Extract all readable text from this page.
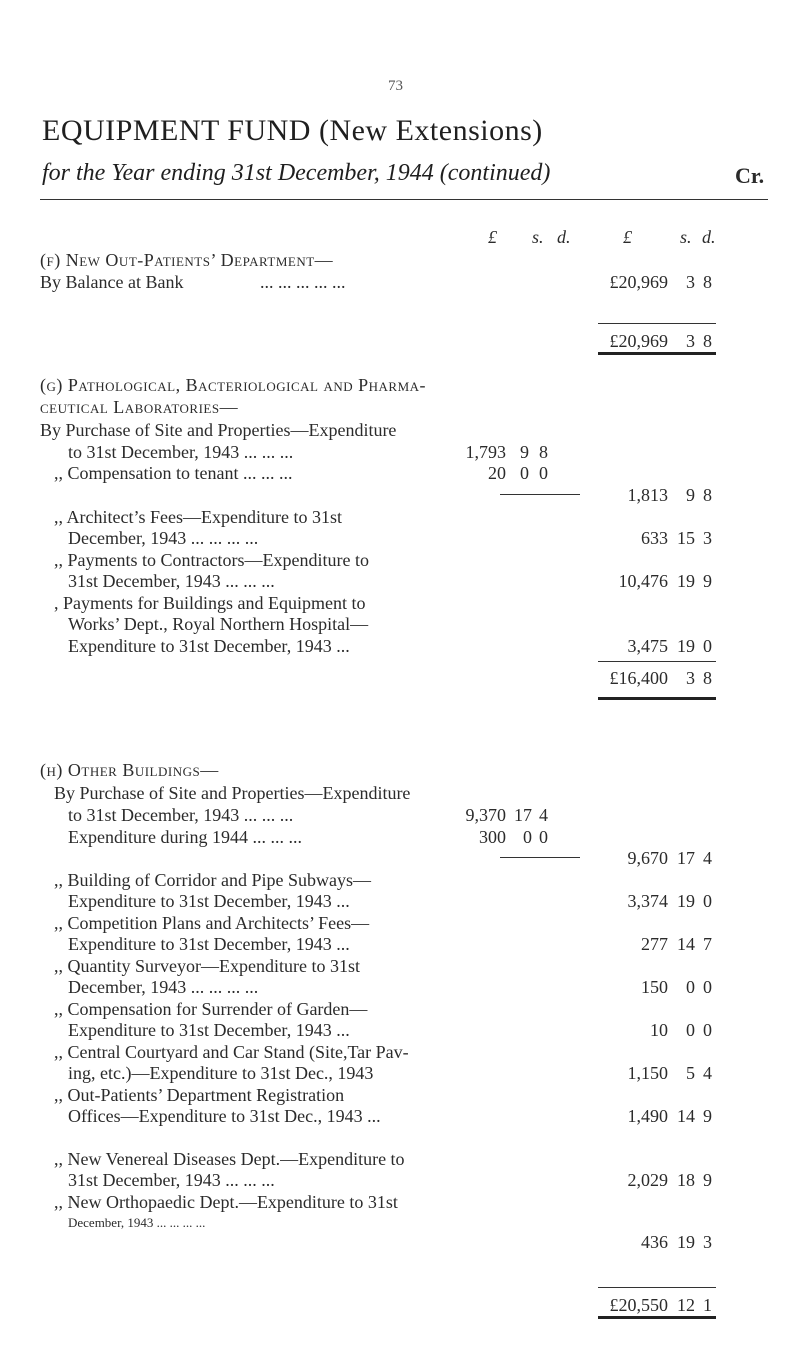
73
EQUIPMENT FUND (New Extensions)
for the Year ending 31st December, 1944 (continued)	Cr.
£ s. d.	£	s. d.
(f) New Out-Patients’ Department—
By Balance at Bank	... ... ... ... ...	£20,969	3 8
£20,969	3 8
(g) Pathological, Bacteriological and Pharma-
ceutical Laboratories—
By Purchase of Site and Properties—Expenditure
to 31st December, 1943 ... ... ...	1,793 9 8
,, Compensation to tenant ... ... ...	20 0 0
1,813	9 8
,, Architect’s Fees—Expenditure to 31st
December, 1943 ... ... ... ...	633 15 3
,, Payments to Contractors—Expenditure to
31st December, 1943 ... ... ...	10,476 19 9
, Payments for Buildings and Equipment to
Works’ Dept., Royal Northern Hospital—
Expenditure to 31st December, 1943 ...	3,475 19 0
£16,400	3 8
(h) Other Buildings—
By Purchase of Site and Properties—Expenditure
to 31st December, 1943 ... ... ...	9,370 17 4
Expenditure during 1944 ... ... ...	300 0 0
9,670 17 4
,, Building of Corridor and Pipe Subways—
Expenditure to 31st December, 1943 ...	3,374 19 0
,, Competition Plans and Architects’ Fees—
Expenditure to 31st December, 1943 ...	277 14 7
,, Quantity Surveyor—Expenditure to 31st
December, 1943 ... ... ... ...	150	0 0
,, Compensation for Surrender of Garden—
Expenditure to 31st December, 1943 ...	10	0 0
,, Central Courtyard and Car Stand (Site,Tar Pav-
ing, etc.)—Expenditure to 31st Dec., 1943	1,150	5 4
,, Out-Patients’ Department Registration
Offices—Expenditure to 31st Dec., 1943 ...	1,490 14 9
,, New Venereal Diseases Dept.—Expenditure to
31st December, 1943 ... ... ...	2,029 18 9
,, New Orthopaedic Dept.—Expenditure to 31st
December, 1943 ... ... ... ...
436 19 3
£20,550 12 1
